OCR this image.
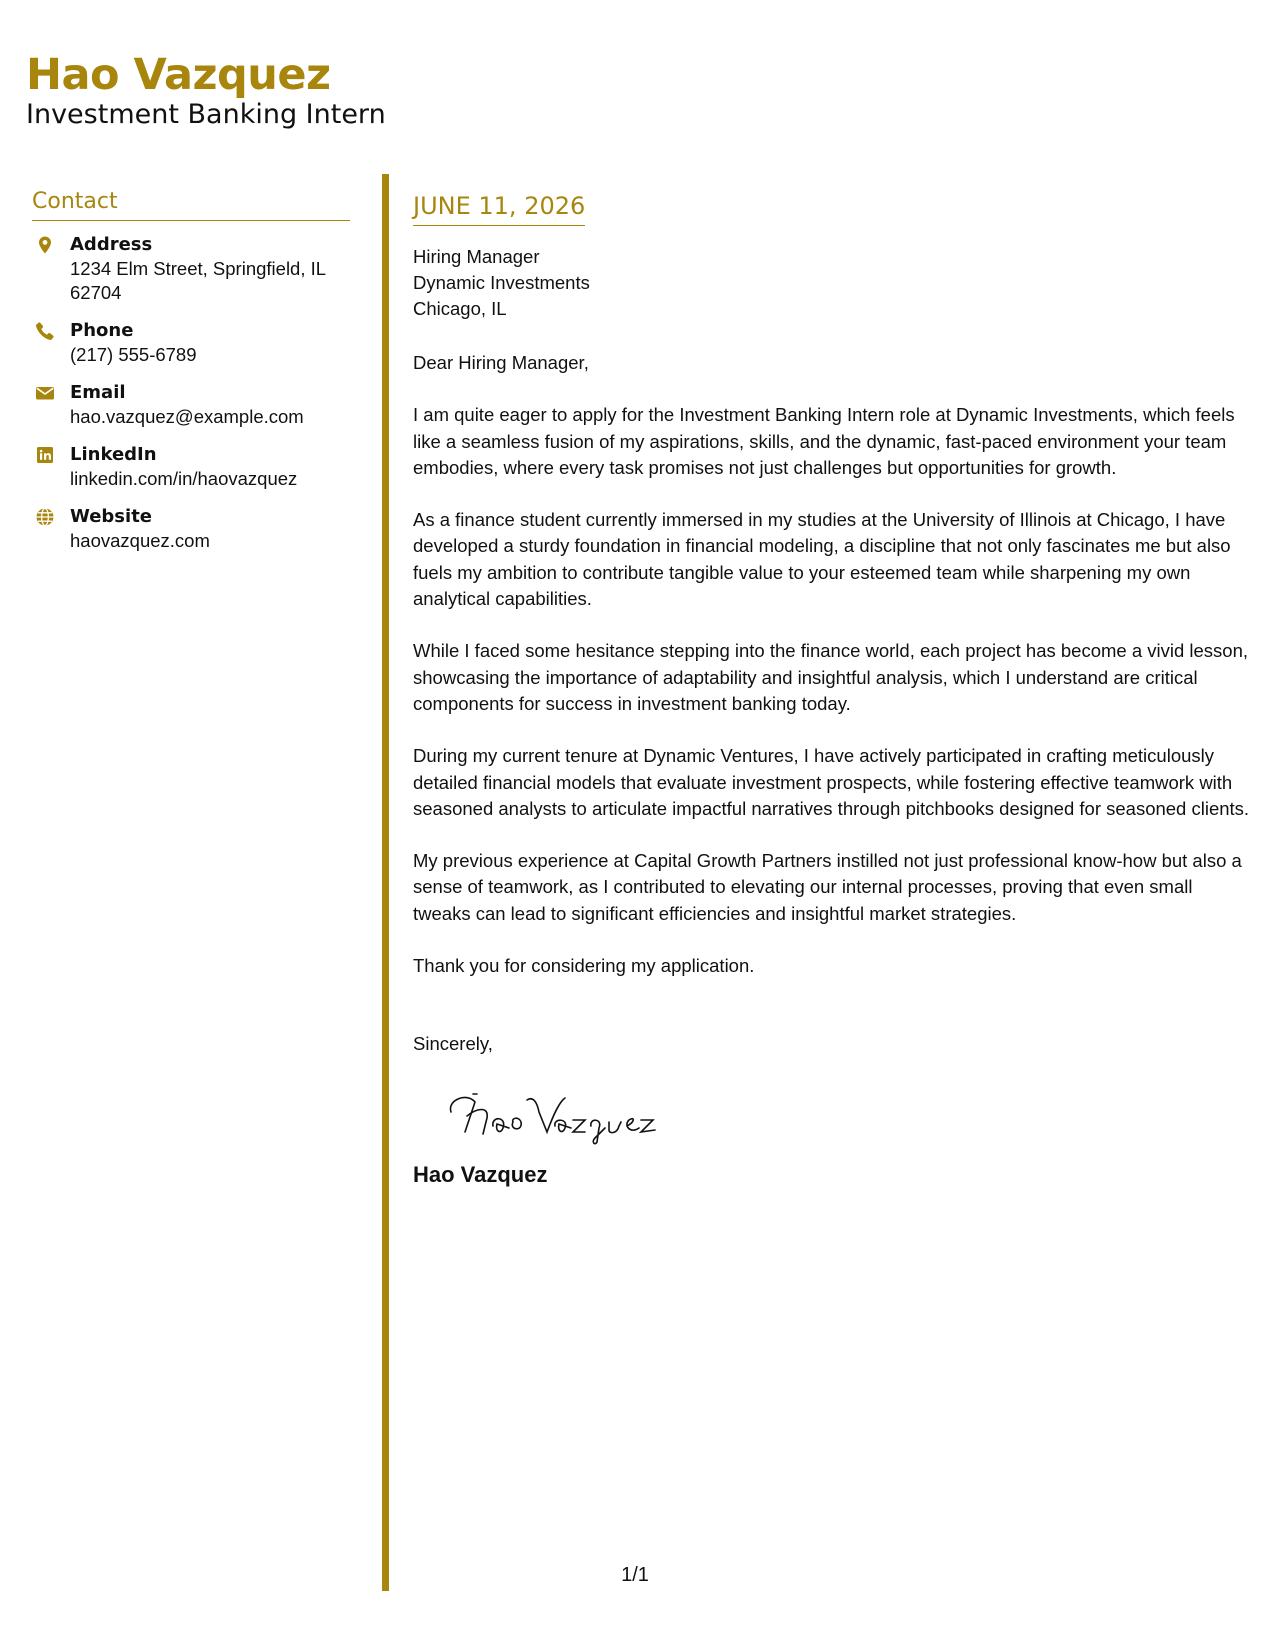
Hao Vazquez
Investment Banking Intern
Contact
Address
1234 Elm Street, Springfield, IL 62704
Phone
(217) 555-6789
Email
hao.vazquez@example.com
LinkedIn
linkedin.com/in/haovazquez
Website
haovazquez.com
JUNE 11, 2026
Hiring Manager
Dynamic Investments
Chicago, IL
Dear Hiring Manager,
I am quite eager to apply for the Investment Banking Intern role at Dynamic Investments, which feels like a seamless fusion of my aspirations, skills, and the dynamic, fast-paced environment your team embodies, where every task promises not just challenges but opportunities for growth.
As a finance student currently immersed in my studies at the University of Illinois at Chicago, I have developed a sturdy foundation in financial modeling, a discipline that not only fascinates me but also fuels my ambition to contribute tangible value to your esteemed team while sharpening my own analytical capabilities.
While I faced some hesitance stepping into the finance world, each project has become a vivid lesson, showcasing the importance of adaptability and insightful analysis, which I understand are critical components for success in investment banking today.
During my current tenure at Dynamic Ventures, I have actively participated in crafting meticulously detailed financial models that evaluate investment prospects, while fostering effective teamwork with seasoned analysts to articulate impactful narratives through pitchbooks designed for seasoned clients.
My previous experience at Capital Growth Partners instilled not just professional know-how but also a sense of teamwork, as I contributed to elevating our internal processes, proving that even small tweaks can lead to significant efficiencies and insightful market strategies.
Thank you for considering my application.
Sincerely,
Hao Vazquez
1/1
